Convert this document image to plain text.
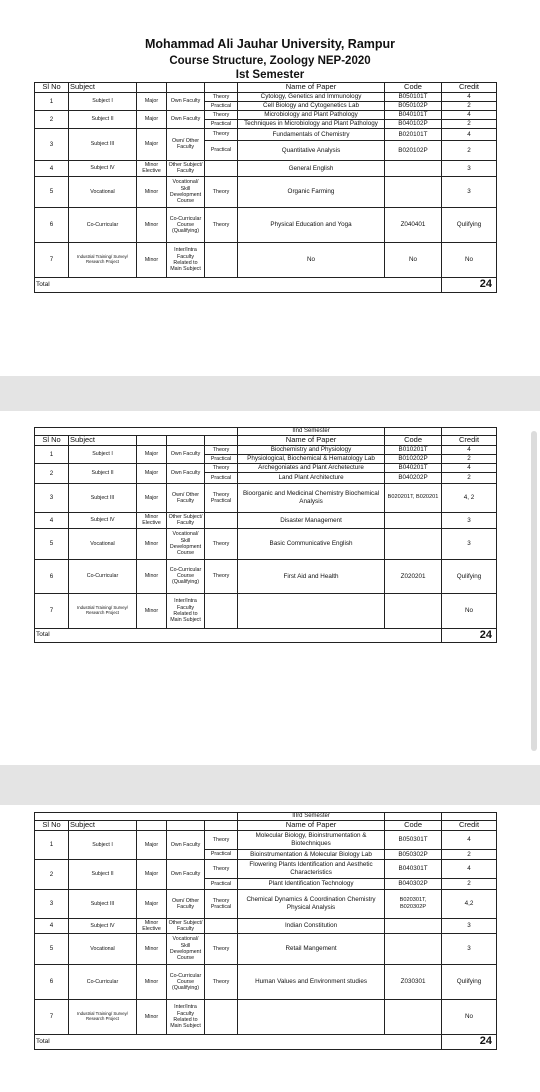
Mohammad Ali Jauhar University, Rampur
Course Structure, Zoology NEP-2020
Ist Semester
Sl No	Subject				Name of Paper	Code	Credit
1	Subject I	Major	Own Faculty	Theory	Cytology, Genetics and Immunology	B050101T	4
				Practical	Cell Biology and Cytogenetics Lab	B050102P	2
2	Subject II	Major	Own Faculty	Theory	Microbiology and Plant Pathology	B040101T	4
				Practical	Techniques in Microbiology and Plant Pathology	B040102P	2
3	Subject III	Major	Own/ Other Faculty	Theory	Fundamentals of Chemistry	B020101T	4
				Practical	Quantitative Analysis	B020102P	2
4	Subject IV	Minor Elective	Other Subject/ Faculty		General English		3
5	Vocational	Minor	Vocational/ Skill Development Course	Theory	Organic Farming		3
6	Co-Curricular	Minor	Co-Curricular Course (Qualifying)	Theory	Physical Education and Yoga	Z040401	Qulifying
7	Industrial Training/ Survey/ Research Project	Minor	Inter/Intra Faculty Related to Main Subject		No	No	No
Total							24
					IInd Semester		
Sl No	Subject				Name of Paper	Code	Credit
1	Subject I	Major	Own Faculty	Theory	Biochemistry and Physiology	B010201T	4
				Practical	Physiological, Biochemical & Hematology Lab	B010202P	2
2	Subject II	Major	Own Faculty	Theory	Archegoniates and Plant Archetecture	B040201T	4
				Practical	Land Plant Architecture	B040202P	2
3	Subject III	Major	Own/ Other Faculty	Theory Practical	Bioorganic and Medicinal Chemistry Biochemical Analysis	B020201T, B020201	4, 2
4	Subject IV	Minor Elective	Other Subject/ Faculty		Disaster Management		3
5	Vocational	Minor	Vocational/ Skill Development Course	Theory	Basic Communicative English		3
6	Co-Curricular	Minor	Co-Curricular Course (Qualifying)	Theory	First Aid and Health	Z020201	Qulifying
7	Industrial Training/ Survey/ Research Project	Minor	Inter/Intra Faculty Related to Main Subject				No
Total							24
					IIIrd Semester		
Sl No	Subject				Name of Paper	Code	Credit
1	Subject I	Major	Own Faculty	Theory	Molecular Biology, Bioinstrumentation & Biotechniques	B050301T	4
				Practical	Bioinstrumentation & Molecular Biology Lab	B050302P	2
2	Subject II	Major	Own Faculty	Theory	Flowering Plants Identification and Aesthetic Characteristics	B040301T	4
				Practical	Plant Identification Technology	B040302P	2
3	Subject III	Major	Own/ Other Faculty	Theory Practical	Chemical Dynamics & Coordination Chemistry Physical Analysis	B020301T, B020302P	4,2
4	Subject IV	Minor Elective	Other Subject/ Faculty		Indian Constitution		3
5	Vocational	Minor	Vocational/ Skill Development Course	Theory	Retail Mangement		3
6	Co-Curricular	Minor	Co-Curricular Course (Qualifying)	Theory	Human Values and Environment studies	Z030301	Qulifying
7	Industrial Training/ Survey/ Research Project	Minor	Inter/Intra Faculty Related to Main Subject				No
Total							24
